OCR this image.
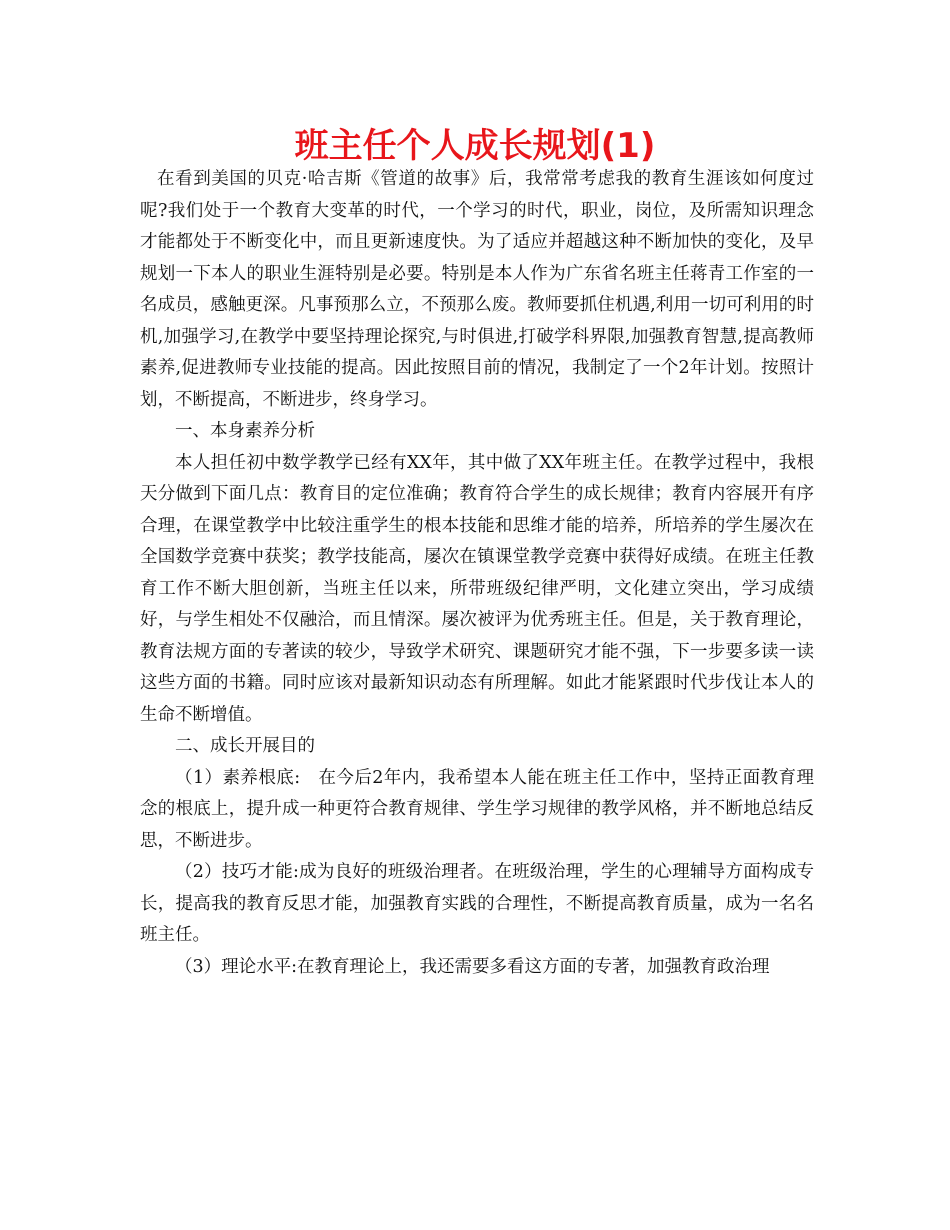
班主任个人成长规划(1)

在看到美国的贝克·哈吉斯《管道的故事》后，我常常考虑我的教育生涯该如何度过呢?我们处于一个教育大变革的时代，一个学习的时代，职业，岗位，及所需知识理念才能都处于不断变化中，而且更新速度快。为了适应并超越这种不断加快的变化，及早规划一下本人的职业生涯特别是必要。特别是本人作为广东省名班主任蒋青工作室的一名成员，感触更深。凡事预那么立，不预那么废。教师要抓住机遇,利用一切可利用的时机,加强学习,在教学中要坚持理论探究,与时俱进,打破学科界限,加强教育智慧,提高教师素养,促进教师专业技能的提高。因此按照目前的情况，我制定了一个2年计划。按照计划，不断提高，不断进步，终身学习。

一、本身素养分析

本人担任初中数学教学已经有XX年，其中做了XX年班主任。在教学过程中，我根天分做到下面几点：教育目的定位准确；教育符合学生的成长规律；教育内容展开有序合理，在课堂教学中比较注重学生的根本技能和思维才能的培养，所培养的学生屡次在全国数学竞赛中获奖；教学技能高，屡次在镇课堂教学竞赛中获得好成绩。在班主任教育工作不断大胆创新，当班主任以来，所带班级纪律严明，文化建立突出，学习成绩好，与学生相处不仅融洽，而且情深。屡次被评为优秀班主任。但是，关于教育理论，教育法规方面的专著读的较少，导致学术研究、课题研究才能不强，下一步要多读一读这些方面的书籍。同时应该对最新知识动态有所理解。如此才能紧跟时代步伐让本人的生命不断增值。

二、成长开展目的

（1）素养根底:　在今后2年内，我希望本人能在班主任工作中，坚持正面教育理念的根底上，提升成一种更符合教育规律、学生学习规律的教学风格，并不断地总结反思，不断进步。

（2）技巧才能:成为良好的班级治理者。在班级治理，学生的心理辅导方面构成专长，提高我的教育反思才能，加强教育实践的合理性，不断提高教育质量，成为一名名班主任。

（3）理论水平:在教育理论上，我还需要多看这方面的专著，加强教育政治理
